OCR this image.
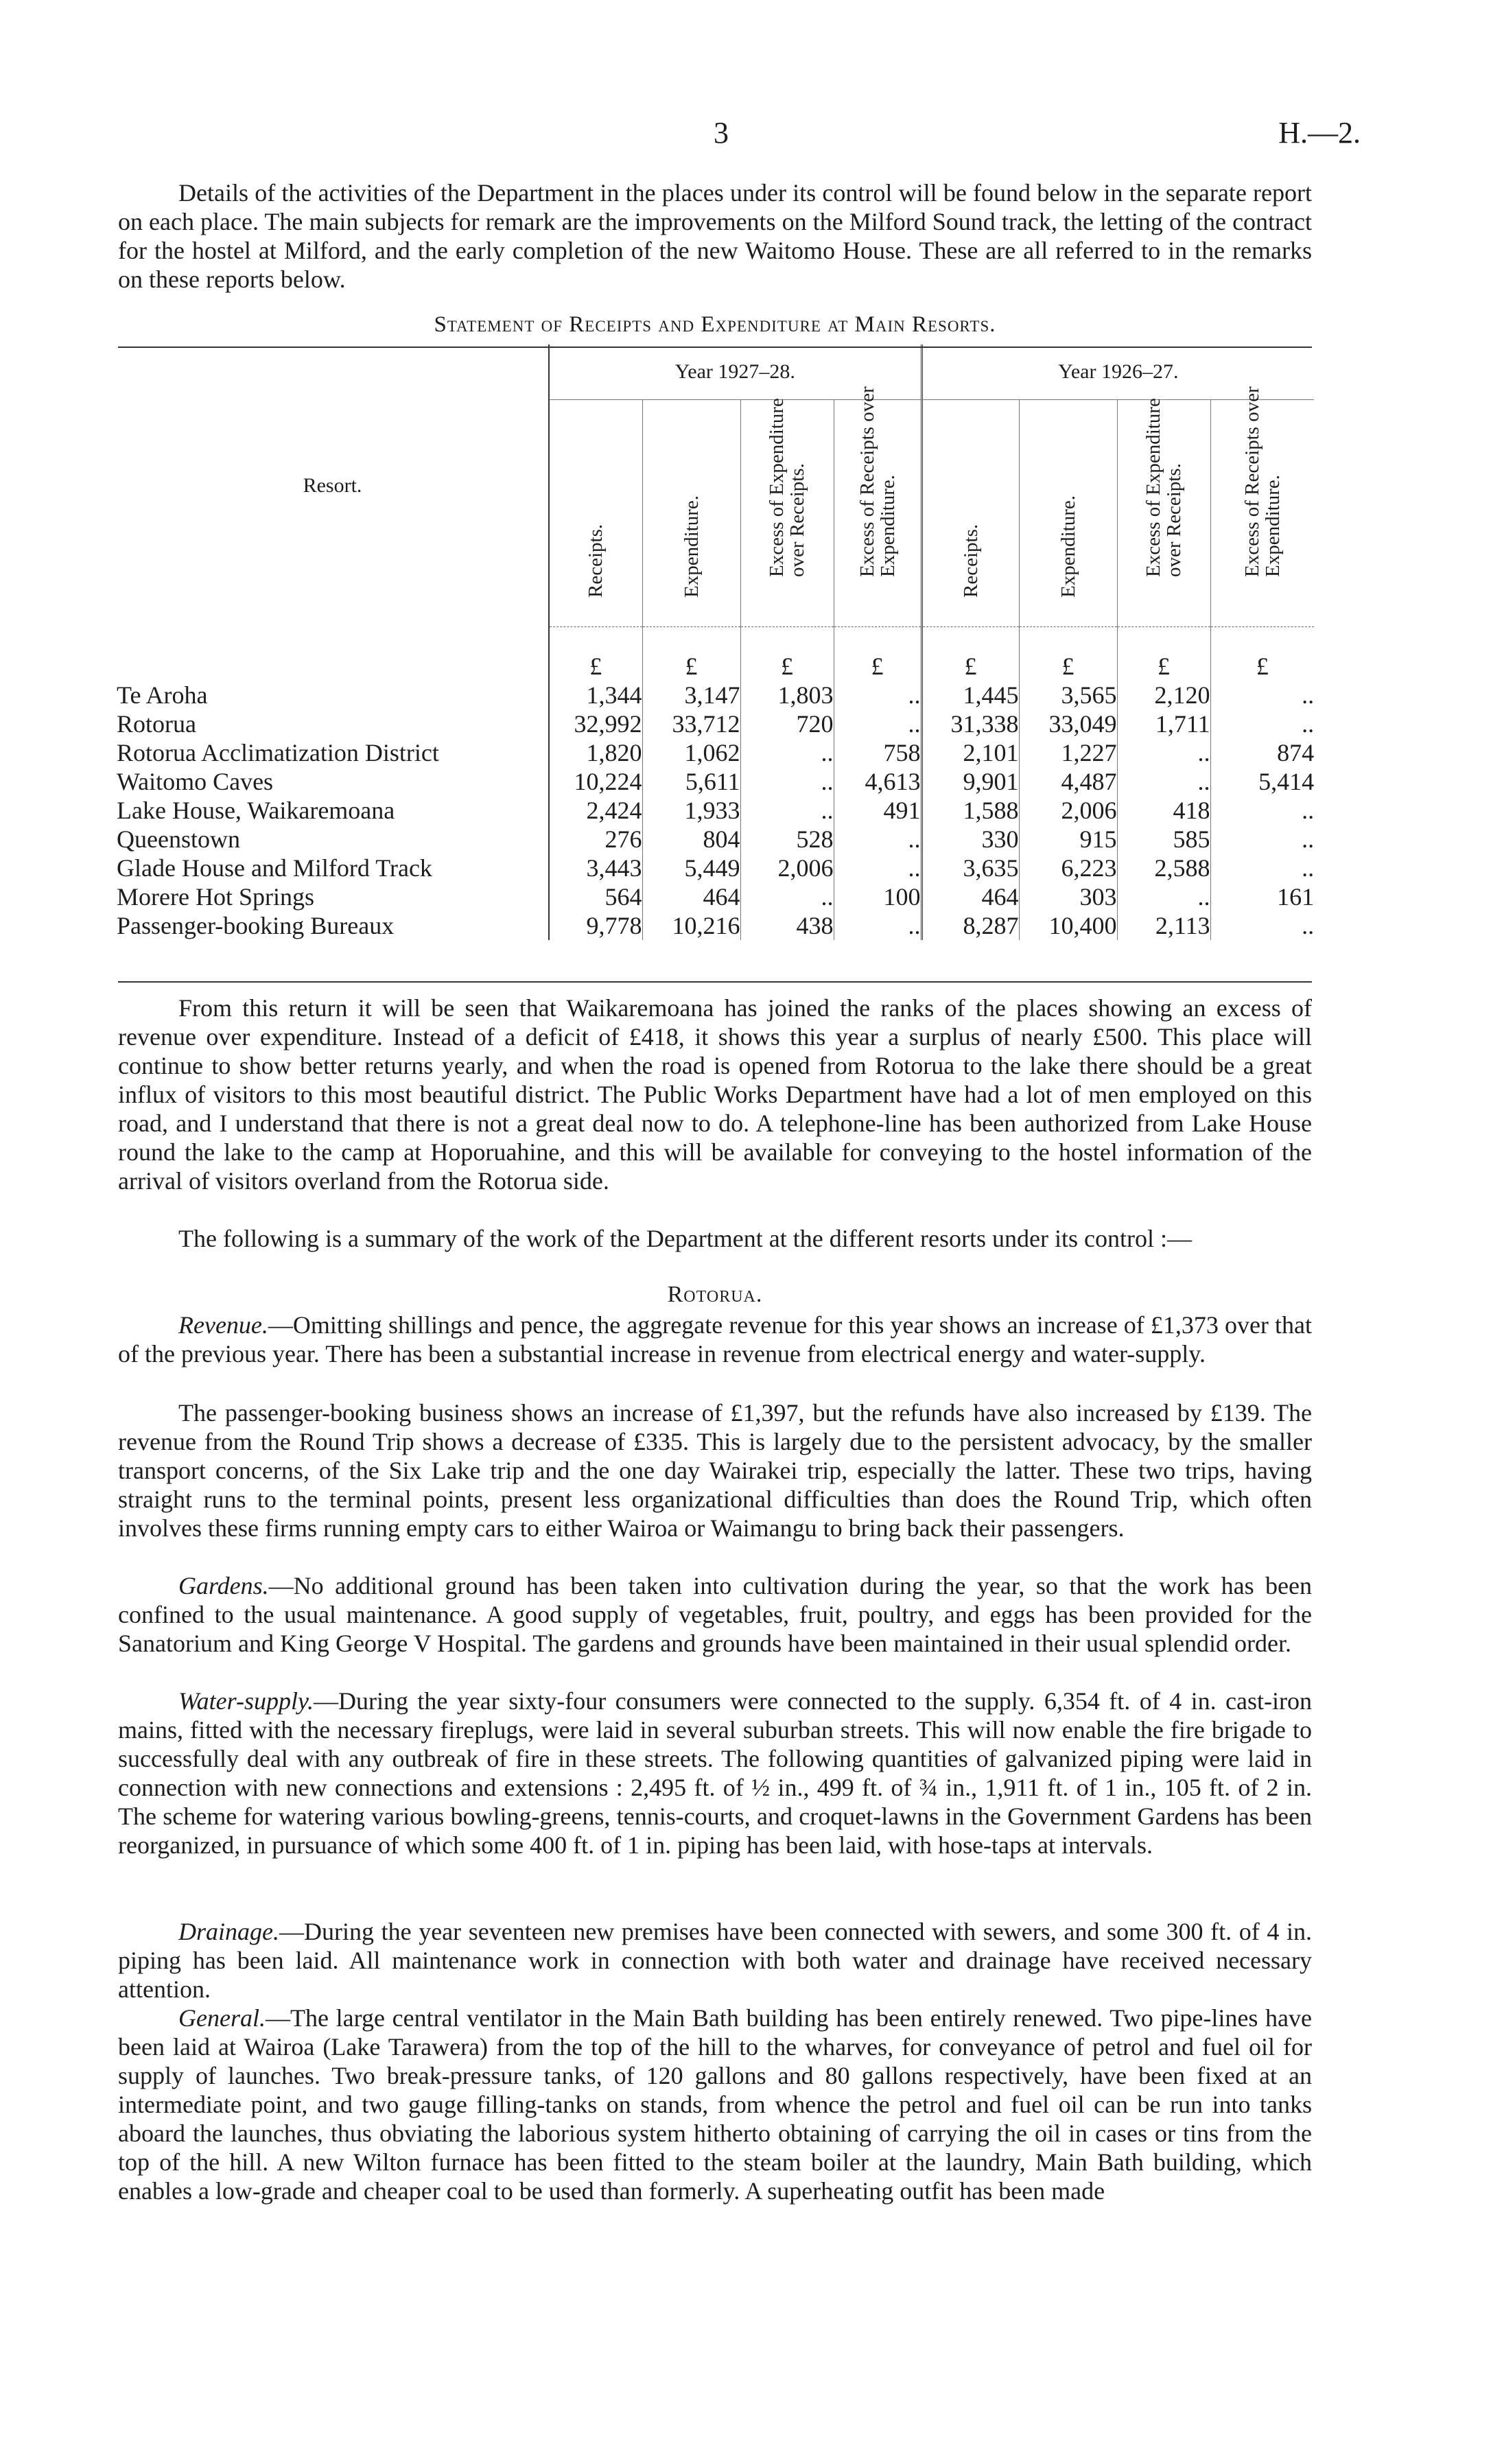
3	H.—2.

Details of the activities of the Department in the places under its control will be found below in the separate report on each place. The main subjects for remark are the improvements on the Milford Sound track, the letting of the contract for the hostel at Milford, and the early completion of the new Waitomo House. These are all referred to in the remarks on these reports below.

Statement of Receipts and Expenditure at Main Resorts.
Resort.	Year 1927–28.				Year 1926–27.			

	Receipts.	Expenditure.	Excess of Expenditure over Receipts.	Excess of Receipts over Expenditure.	Receipts.	Expenditure.	Excess of Expenditure over Receipts.	Excess of Receipts over Expenditure.

	£	£	£	£	£	£	£	£
Te Aroha	1,344	3,147	1,803	..	1,445	3,565	2,120	..
Rotorua	32,992	33,712	720	..	31,338	33,049	1,711	..
Rotorua Acclimatization District	1,820	1,062	..	758	2,101	1,227	..	874
Waitomo Caves	10,224	5,611	..	4,613	9,901	4,487	..	5,414
Lake House, Waikaremoana	2,424	1,933	..	491	1,588	2,006	418	..
Queenstown	276	804	528	..	330	915	585	..
Glade House and Milford Track	3,443	5,449	2,006	..	3,635	6,223	2,588	..
Morere Hot Springs	564	464	..	100	464	303	..	161
Passenger-booking Bureaux	9,778	10,216	438	..	8,287	10,400	2,113	..

From this return it will be seen that Waikaremoana has joined the ranks of the places showing an excess of revenue over expenditure. Instead of a deficit of £418, it shows this year a surplus of nearly £500. This place will continue to show better returns yearly, and when the road is opened from Rotorua to the lake there should be a great influx of visitors to this most beautiful district. The Public Works Department have had a lot of men employed on this road, and I understand that there is not a great deal now to do. A telephone-line has been authorized from Lake House round the lake to the camp at Hoporuahine, and this will be available for conveying to the hostel information of the arrival of visitors overland from the Rotorua side.

The following is a summary of the work of the Department at the different resorts under its control :—

Rotorua.

Revenue.—Omitting shillings and pence, the aggregate revenue for this year shows an increase of £1,373 over that of the previous year. There has been a substantial increase in revenue from electrical energy and water-supply.

The passenger-booking business shows an increase of £1,397, but the refunds have also increased by £139. The revenue from the Round Trip shows a decrease of £335. This is largely due to the persistent advocacy, by the smaller transport concerns, of the Six Lake trip and the one day Wairakei trip, especially the latter. These two trips, having straight runs to the terminal points, present less organizational difficulties than does the Round Trip, which often involves these firms running empty cars to either Wairoa or Waimangu to bring back their passengers.

Gardens.—No additional ground has been taken into cultivation during the year, so that the work has been confined to the usual maintenance. A good supply of vegetables, fruit, poultry, and eggs has been provided for the Sanatorium and King George V Hospital. The gardens and grounds have been maintained in their usual splendid order.

Water-supply.—During the year sixty-four consumers were connected to the supply. 6,354 ft. of 4 in. cast-iron mains, fitted with the necessary fireplugs, were laid in several suburban streets. This will now enable the fire brigade to successfully deal with any outbreak of fire in these streets. The following quantities of galvanized piping were laid in connection with new connections and extensions : 2,495 ft. of ½ in., 499 ft. of ¾ in., 1,911 ft. of 1 in., 105 ft. of 2 in. The scheme for watering various bowling-greens, tennis-courts, and croquet-lawns in the Government Gardens has been reorganized, in pursuance of which some 400 ft. of 1 in. piping has been laid, with hose-taps at intervals.

Drainage.—During the year seventeen new premises have been connected with sewers, and some 300 ft. of 4 in. piping has been laid. All maintenance work in connection with both water and drainage have received necessary attention.

General.—The large central ventilator in the Main Bath building has been entirely renewed. Two pipe-lines have been laid at Wairoa (Lake Tarawera) from the top of the hill to the wharves, for conveyance of petrol and fuel oil for supply of launches. Two break-pressure tanks, of 120 gallons and 80 gallons respectively, have been fixed at an intermediate point, and two gauge filling-tanks on stands, from whence the petrol and fuel oil can be run into tanks aboard the launches, thus obviating the laborious system hitherto obtaining of carrying the oil in cases or tins from the top of the hill. A new Wilton furnace has been fitted to the steam boiler at the laundry, Main Bath building, which enables a low-grade and cheaper coal to be used than formerly. A superheating outfit has been made
